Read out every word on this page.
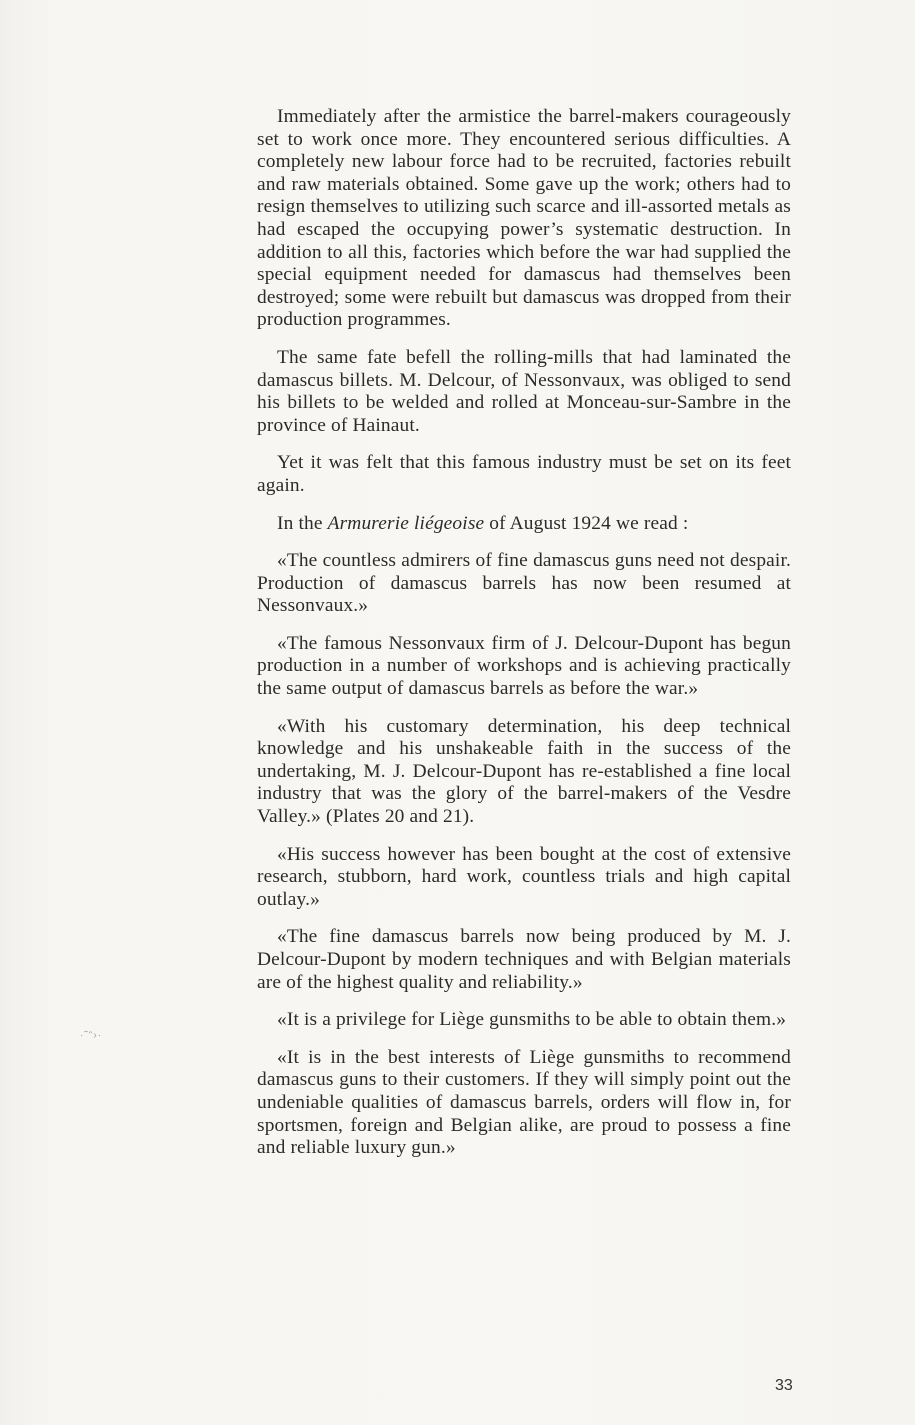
·˜ᵔ›·

Immediately after the armistice the barrel-makers courageously set to work once more. They encountered serious difficulties. A completely new labour force had to be recruited, factories rebuilt and raw materials obtained. Some gave up the work; others had to resign themselves to utilizing such scarce and ill-assorted metals as had escaped the occupying power’s systematic destruction. In addition to all this, factories which before the war had supplied the special equipment needed for damascus had themselves been destroyed; some were rebuilt but damascus was dropped from their production programmes.

The same fate befell the rolling-mills that had laminated the damascus billets. M. Delcour, of Nessonvaux, was obliged to send his billets to be welded and rolled at Monceau-sur-Sambre in the province of Hainaut.

Yet it was felt that this famous industry must be set on its feet again.

In the Armurerie liégeoise of August 1924 we read :

«The countless admirers of fine damascus guns need not despair. Production of damascus barrels has now been resumed at Nessonvaux.»

«The famous Nessonvaux firm of J. Delcour-Dupont has begun production in a number of workshops and is achieving practically the same output of damascus barrels as before the war.»

«With his customary determination, his deep technical knowledge and his unshakeable faith in the success of the undertaking, M. J. Delcour-Dupont has re-established a fine local industry that was the glory of the barrel-makers of the Vesdre Valley.» (Plates 20 and 21).

«His success however has been bought at the cost of extensive research, stubborn, hard work, countless trials and high capital outlay.»

«The fine damascus barrels now being produced by M. J. Delcour-Dupont by modern techniques and with Belgian materials are of the highest quality and reliability.»

«It is a privilege for Liège gunsmiths to be able to obtain them.»

«It is in the best interests of Liège gunsmiths to recommend damascus guns to their customers. If they will simply point out the undeniable qualities of damascus barrels, orders will flow in, for sportsmen, foreign and Belgian alike, are proud to possess a fine and reliable luxury gun.»

33
